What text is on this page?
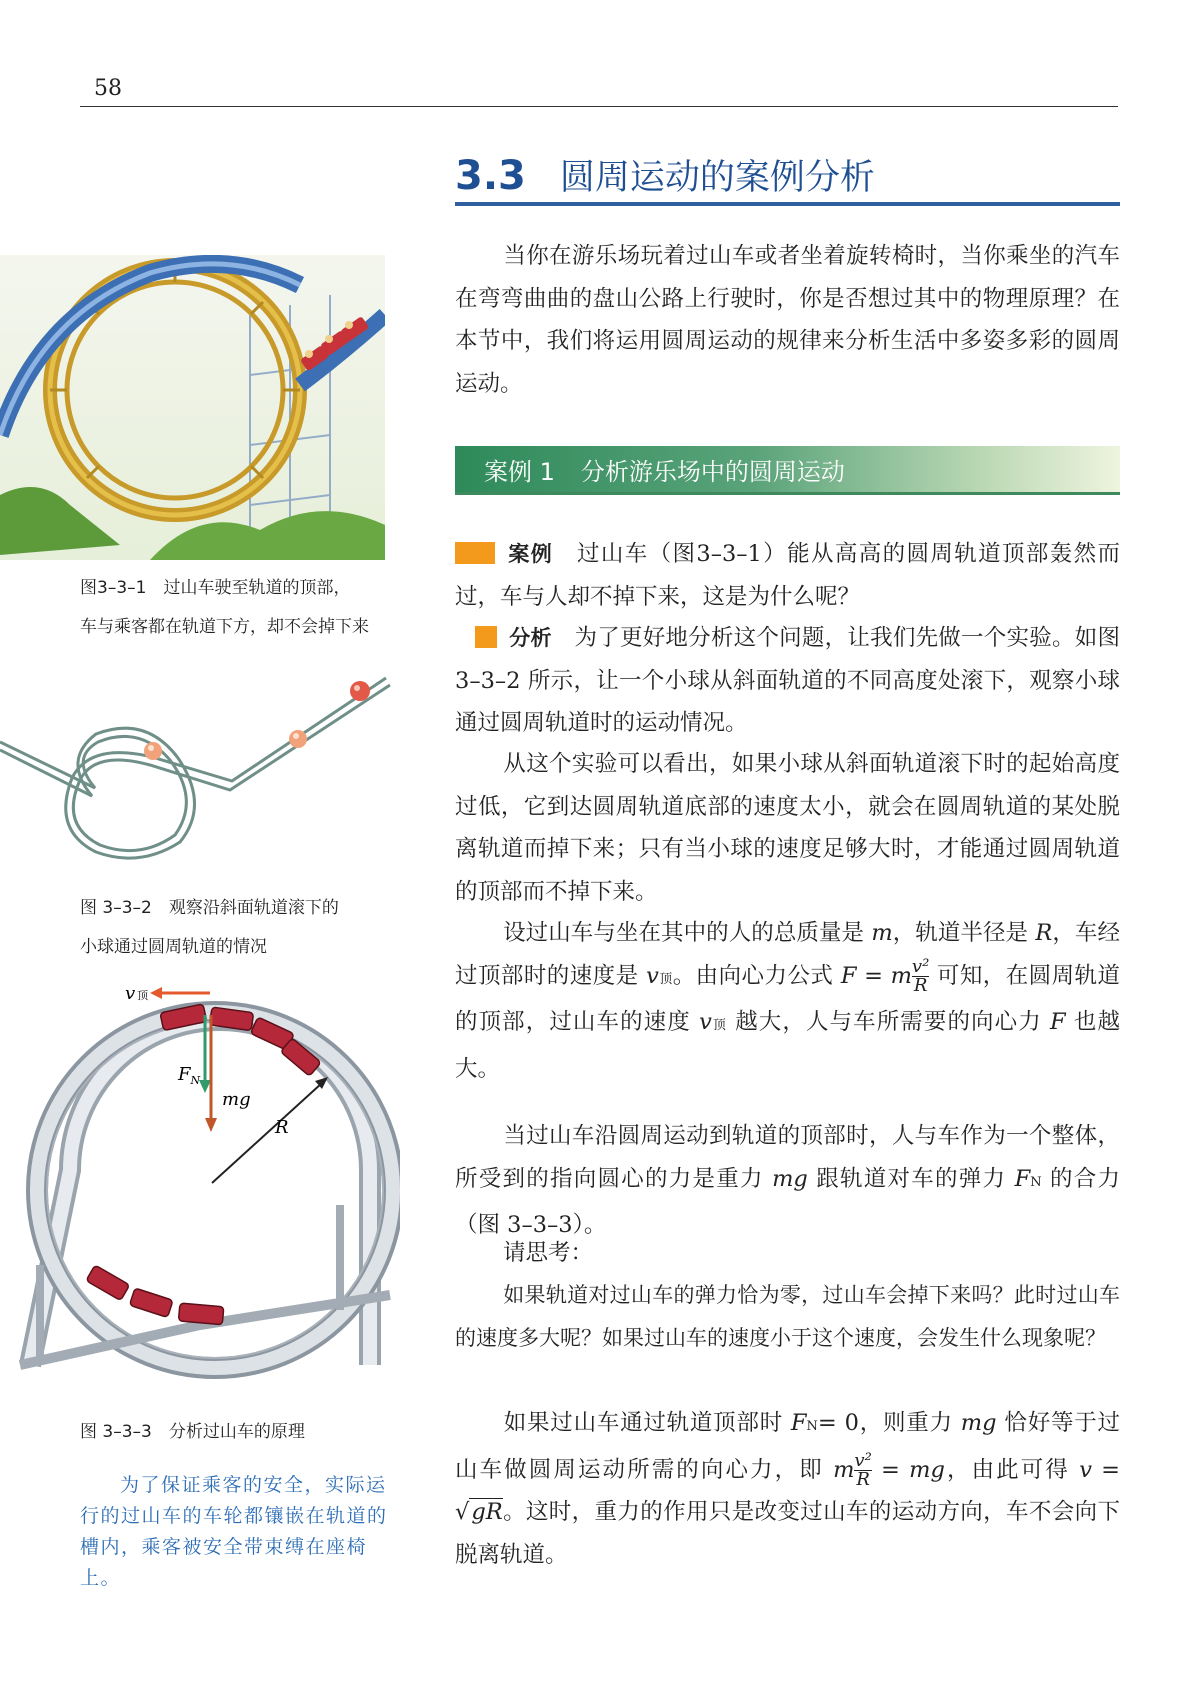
58
3.3 圆周运动的案例分析
当你在游乐场玩着过山车或者坐着旋转椅时，当你乘坐的汽车在弯弯曲曲的盘山公路上行驶时，你是否想过其中的物理原理？在本节中，我们将运用圆周运动的规律来分析生活中多姿多彩的圆周运动。
案例 1 分析游乐场中的圆周运动
案例　 过山车（图3–3–1）能从高高的圆周轨道顶部轰然而过，车与人却不掉下来，这是为什么呢？
分析　 为了更好地分析这个问题，让我们先做一个实验。如图 3–3–2 所示，让一个小球从斜面轨道的不同高度处滚下，观察小球通过圆周轨道时的运动情况。
从这个实验可以看出，如果小球从斜面轨道滚下时的起始高度过低，它到达圆周轨道底部的速度太小，就会在圆周轨道的某处脱离轨道而掉下来；只有当小球的速度足够大时，才能通过圆周轨道的顶部而不掉下来。
设过山车与坐在其中的人的总质量是 m，轨道半径是 R，车经过顶部时的速度是 v顶。由向心力公式 F = m $\frac{\text{v²}}{R}$ 可知，在圆周轨道的顶部，过山车的速度 v顶 越大，人与车所需要的向心力 F 也越大。
当过山车沿圆周运动到轨道的顶部时，人与车作为一个整体，所受到的指向圆心的力是重力 mg 跟轨道对车的弹力 FN 的合力（图 3–3–3）。
请思考：
如果轨道对过山车的弹力恰为零，过山车会掉下来吗？此时过山车的速度多大呢？如果过山车的速度小于这个速度，会发生什么现象呢？
如果过山车通过轨道顶部时 FN= 0，则重力 mg 恰好等于过山车做圆周运动所需的向心力，即 m $\frac{\text{v²}}{R}$ = mg，由此可得 v = √gR。这时，重力的作用只是改变过山车的运动方向，车不会向下脱离轨道。
图3–3–1　过山车驶至轨道的顶部，
车与乘客都在轨道下方，却不会掉下来
图 3–3–2　观察沿斜面轨道滚下的
小球通过圆周轨道的情况
v顶
$F_N$
mg
R
图 3–3–3　分析过山车的原理
为了保证乘客的安全，实际运行的过山车的车轮都镶嵌在轨道的槽内，乘客被安全带束缚在座椅上。
